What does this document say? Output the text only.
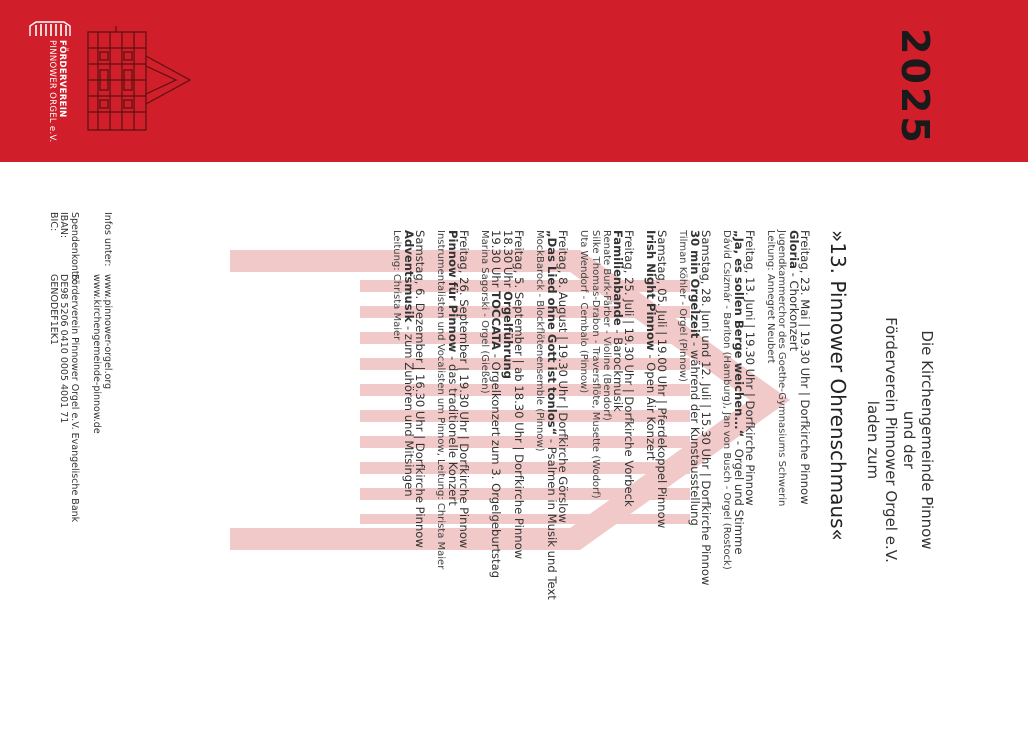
FÖRDERVEREIN
PINNOWER ORGEL e.V.	2025
Die Kirchengemeinde Pinnow
und der
Förderverein Pinnower Orgel e.V.
laden zum
»13. Pinnower Ohrenschmaus«
Freitag, 23. Mai | 19.30 Uhr | Dorfkirche Pinnow
Gloria - Chorkonzert
Jugendkammerchor des Goethe-Gymnasiums Schwerin
Leitung: Annegret Neubert
Freitag, 13. Juni | 19.30 Uhr | Dorfkirche Pinnow
„Ja, es sollen Berge weichen...“ - Orgel und Stimme
Dávid Csizmár - Bariton (Hamburg), Jan von Busch - Orgel (Rostock)
Samstag, 28. Juni und 12. Juli | 15.30 Uhr | Dorfkirche Pinnow
30 min Orgelzeit - während der Kunstausstellung
Tilman Köhler - Orgel (Pinnow)
Samstag, 05. Juli | 19.00 Uhr | Pferdekoppel Pinnow
Irish Night Pinnow - Open Air Konzert
Freitag, 25. Juli | 19.30 Uhr | Dorfkirche Vorbeck
Familienbande - Barockmusik
Renate Burk-Färber - Violine (Bendorf)
Silke Thomas-Drabon - Traversflöte, Musette (Wodorf)
Uta Wendorf - Cembalo (Pinnow)
Freitag, 8. August | 19.30 Uhr | Dorfkirche Görslow
„Das Lied ohne Gott ist tonlos“ - Psalmen in Musik und Text
MockBarock - Blockflötenensemble (Pinnow)
Freitag, 5. September | ab 18.30 Uhr | Dorfkirche Pinnow
18.30 Uhr Orgelführung
19.30 Uhr TOCCATA - Orgelkonzert zum 3. Orgelgeburtstag
Marina Sagorski - Orgel (Gießen)
Freitag, 26. September | 19.30 Uhr | Dorfkirche Pinnow
Pinnow für Pinnow - das traditionelle Konzert
Instrumentalisten und Vocalisten um Pinnow, Leitung: Christa Maier
Samstag, 6. Dezember | 16.30 Uhr | Dorfkirche Pinnow
Adventsmusik - zum Zuhören und Mitsingen
Leitung: Christa Maier
Infos unter:www.pinnower-orgel.org
www.kirchengemeinde-pinnow.de
Spendenkonto:Förderverein Pinnower Orgel e.V. Evangelische Bank
IBAN:DE98 5206 0410 0005 4001 71
BIC:GENODEF1EK1
